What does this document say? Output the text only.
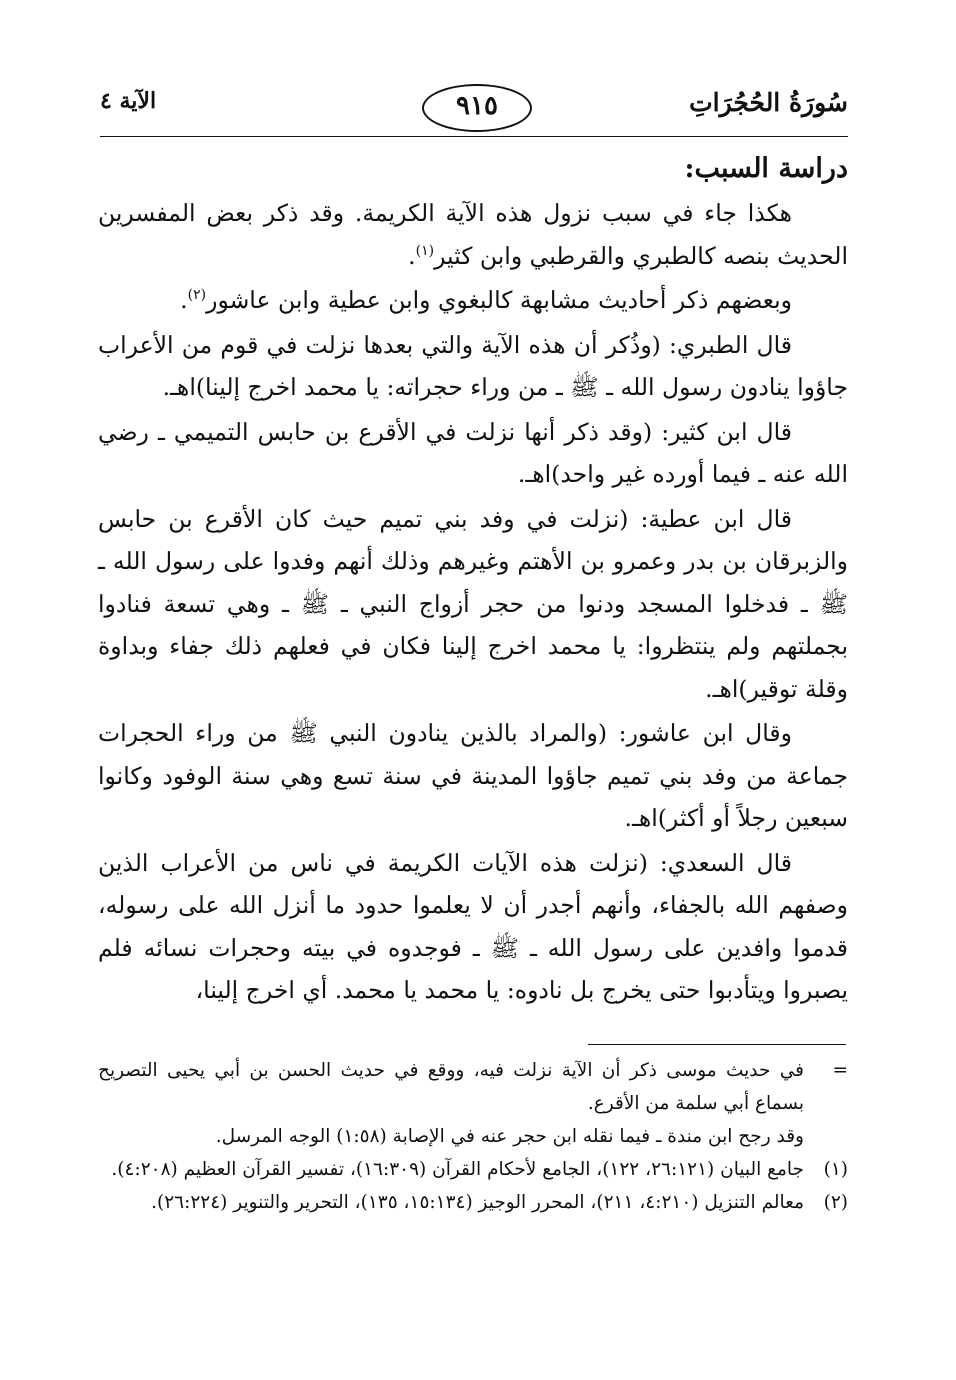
سُورَةُ الحُجُرَاتِ
٩١٥
الآية ٤
دراسة السبب:

هكذا جاء في سبب نزول هذه الآية الكريمة. وقد ذكر بعض المفسرين الحديث بنصه كالطبري والقرطبي وابن كثير$^{(١)}$.

وبعضهم ذكر أحاديث مشابهة كالبغوي وابن عطية وابن عاشور$^{(٢)}$.

قال الطبري: (وذُكر أن هذه الآية والتي بعدها نزلت في قوم من الأعراب جاؤوا ينادون رسول الله ـ ﷺ ـ من وراء حجراته: يا محمد اخرج إلينا)اهـ.

قال ابن كثير: (وقد ذكر أنها نزلت في الأقرع بن حابس التميمي ـ رضي الله عنه ـ فيما أورده غير واحد)اهـ.

قال ابن عطية: (نزلت في وفد بني تميم حيث كان الأقرع بن حابس والزبرقان بن بدر وعمرو بن الأهتم وغيرهم وذلك أنهم وفدوا على رسول الله ـ ﷺ ـ فدخلوا المسجد ودنوا من حجر أزواج النبي ـ ﷺ ـ وهي تسعة فنادوا بجملتهم ولم ينتظروا: يا محمد اخرج إلينا فكان في فعلهم ذلك جفاء وبداوة وقلة توقير)اهـ.

وقال ابن عاشور: (والمراد بالذين ينادون النبي ﷺ من وراء الحجرات جماعة من وفد بني تميم جاؤوا المدينة في سنة تسع وهي سنة الوفود وكانوا سبعين رجلاً أو أكثر)اهـ.

قال السعدي: (نزلت هذه الآيات الكريمة في ناس من الأعراب الذين وصفهم الله بالجفاء، وأنهم أجدر أن لا يعلموا حدود ما أنزل الله على رسوله، قدموا وافدين على رسول الله ـ ﷺ ـ فوجدوه في بيته وحجرات نسائه فلم يصبروا ويتأدبوا حتى يخرج بل نادوه: يا محمد يا محمد. أي اخرج إلينا،

=
في حديث موسى ذكر أن الآية نزلت فيه، ووقع في حديث الحسن بن أبي يحيى التصريح بسماع أبي سلمة من الأقرع.
وقد رجح ابن مندة ـ فيما نقله ابن حجر عنه في الإصابة (١:٥٨) الوجه المرسل.
(١)
جامع البيان (٢٦:١٢١، ١٢٢)، الجامع لأحكام القرآن (١٦:٣٠٩)، تفسير القرآن العظيم (٤:٢٠٨).
(٢)
معالم التنزيل (٤:٢١٠، ٢١١)، المحرر الوجيز (١٥:١٣٤، ١٣٥)، التحرير والتنوير (٢٦:٢٢٤).
